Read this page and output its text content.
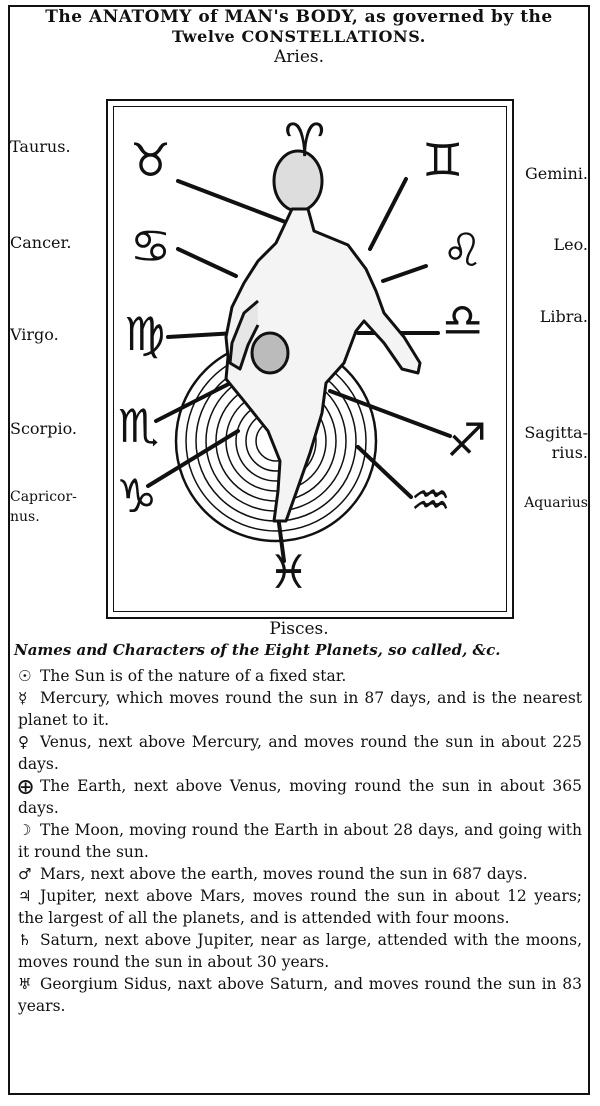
The ANATOMY of MAN's BODY, as governed by the
Twelve CONSTELLATIONS.
Aries.
Taurus.
Cancer.
Virgo.
Scorpio.
Capricor-
nus.
Gemini.
Leo.
Libra.
Sagitta-
rius.
Aquarius
♉ ♈ ♊
♋	♌
♍	♎
♏	♐
♑	♒
♓
Pisces.
Names and Characters of the Eight Planets, so called, &c.
☉ The Sun is of the nature of a fixed star.
☿ Mercury, which moves round the sun in 87 days, and is the nearest planet to it.
♀ Venus, next above Mercury, and moves round the sun in about 225 days.
⨁ The Earth, next above Venus, moving round the sun in about 365 days.
☽ The Moon, moving round the Earth in about 28 days, and going with it round the sun.
♂ Mars, next above the earth, moves round the sun in 687 days.
♃ Jupiter, next above Mars, moves round the sun in about 12 years; the largest of all the planets, and is attended with four moons.
♄ Saturn, next above Jupiter, near as large, attended with the moons, moves round the sun in about 30 years.
♅ Georgium Sidus, naxt above Saturn, and moves round the sun in 83 years.
